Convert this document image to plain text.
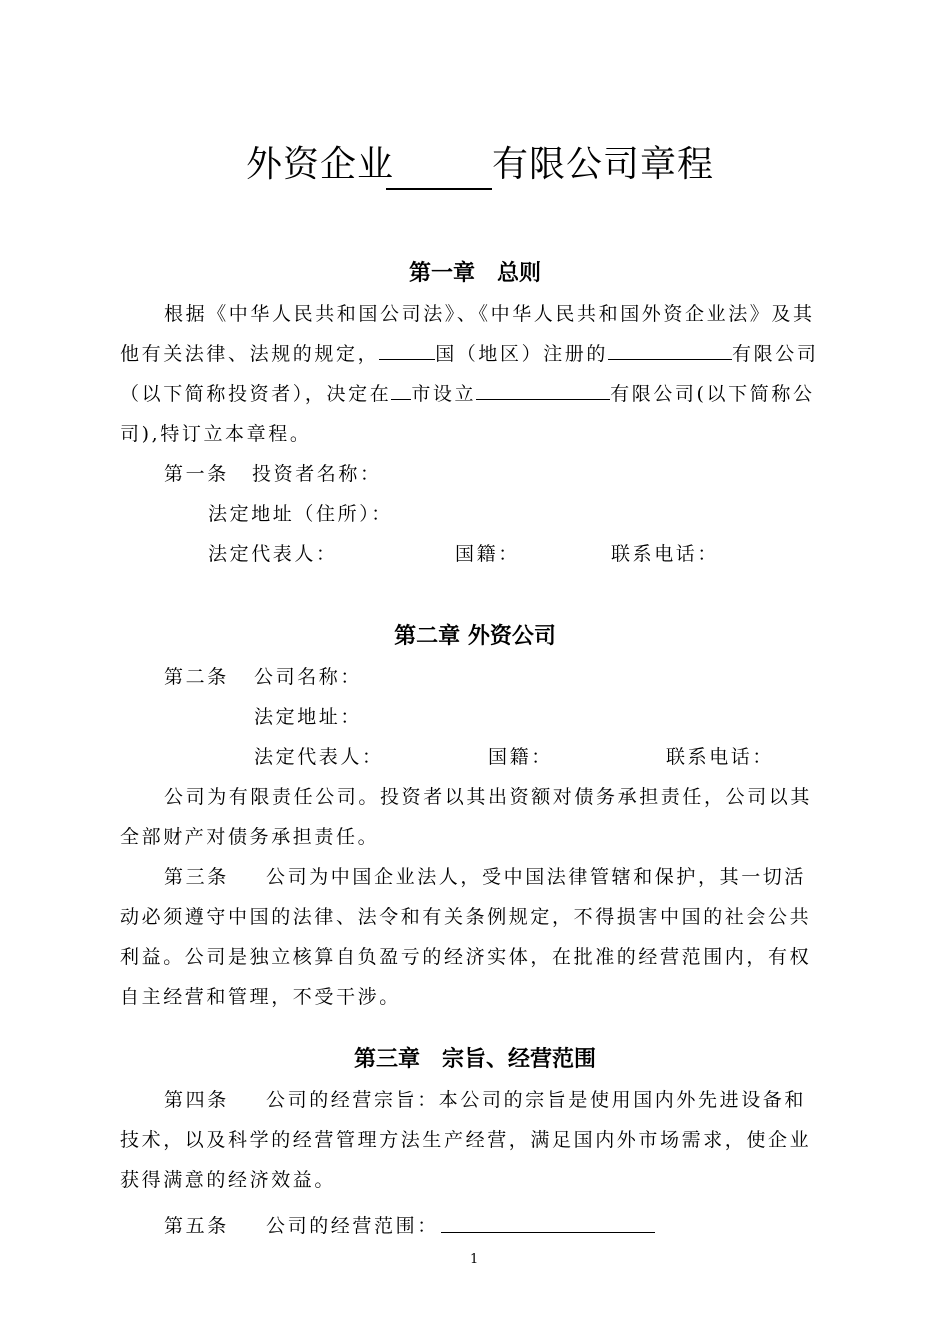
外资企业	有限公司章程
第一章　总则
根据《中华人民共和国公司法》、《中华人民共和国外资企业法》及其
他有关法律、法规的规定，	国（地区）注册的	有限公司
（以下简称投资者），决定在 市设立	有限公司(以下简称公
司),特订立本章程。
第一条 投资者名称：
法定地址（住所）：
法定代表人：	国籍：	联系电话：
第二章 外资公司
第二条 公司名称：
法定地址：
法定代表人：	国籍：	联系电话：
公司为有限责任公司。投资者以其出资额对债务承担责任，公司以其
全部财产对债务承担责任。
第三条 公司为中国企业法人，受中国法律管辖和保护，其一切活
动必须遵守中国的法律、法令和有关条例规定，不得损害中国的社会公共
利益。公司是独立核算自负盈亏的经济实体，在批准的经营范围内，有权
自主经营和管理，不受干涉。
第三章　宗旨、经营范围
第四条 公司的经营宗旨：本公司的宗旨是使用国内外先进设备和
技术，以及科学的经营管理方法生产经营，满足国内外市场需求，使企业
获得满意的经济效益。
第五条 公司的经营范围：
1
